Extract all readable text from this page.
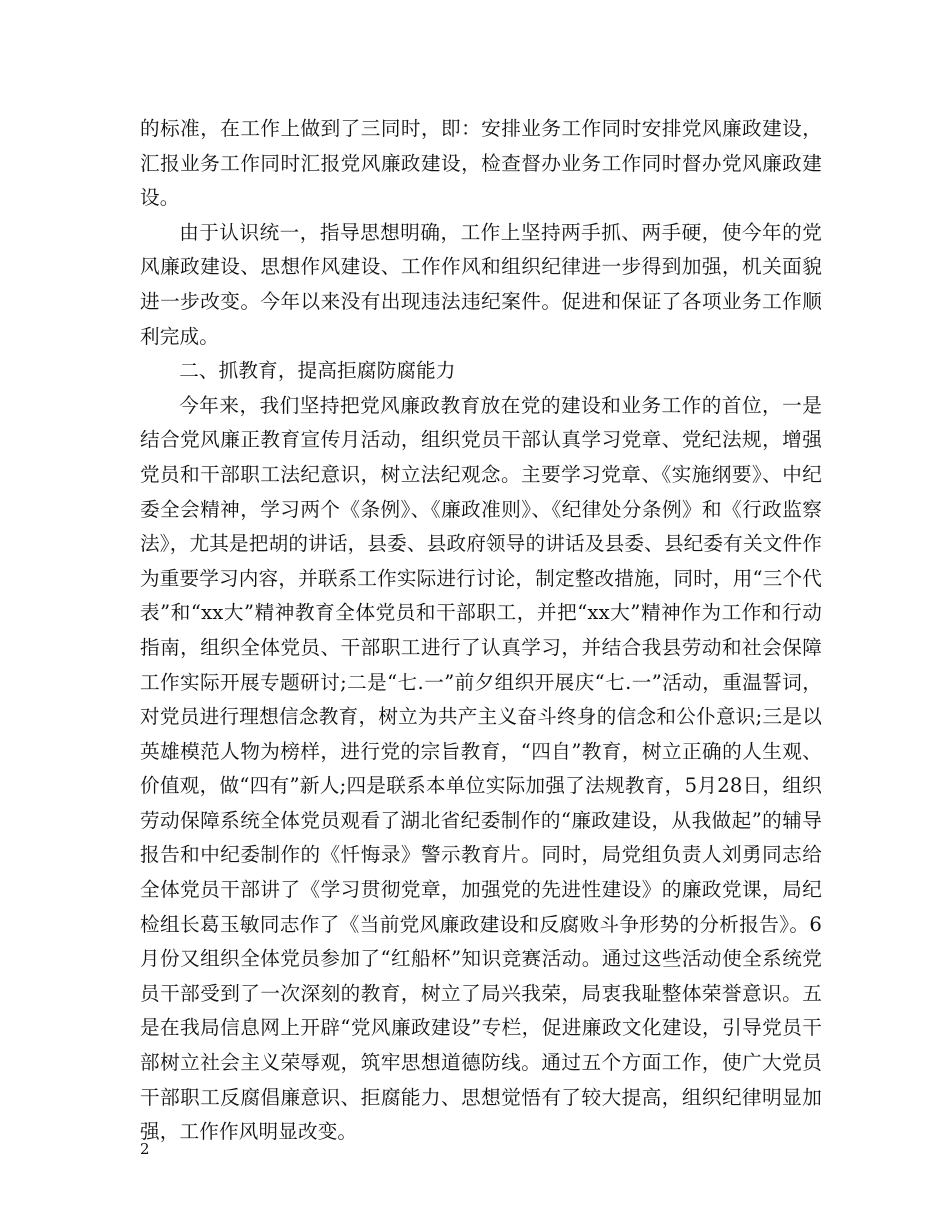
的标准，在工作上做到了三同时，即：安排业务工作同时安排党风廉政建设，汇报业务工作同时汇报党风廉政建设，检查督办业务工作同时督办党风廉政建设。

由于认识统一，指导思想明确，工作上坚持两手抓、两手硬，使今年的党风廉政建设、思想作风建设、工作作风和组织纪律进一步得到加强，机关面貌进一步改变。今年以来没有出现违法违纪案件。促进和保证了各项业务工作顺利完成。

二、抓教育，提高拒腐防腐能力

今年来，我们坚持把党风廉政教育放在党的建设和业务工作的首位，一是结合党风廉正教育宣传月活动，组织党员干部认真学习党章、党纪法规，增强党员和干部职工法纪意识，树立法纪观念。主要学习党章、《实施纲要》、中纪委全会精神，学习两个《条例》、《廉政准则》、《纪律处分条例》和《行政监察法》，尤其是把胡的讲话，县委、县政府领导的讲话及县委、县纪委有关文件作为重要学习内容，并联系工作实际进行讨论，制定整改措施，同时，用“三个代表”和“xx大”精神教育全体党员和干部职工，并把“xx大”精神作为工作和行动指南，组织全体党员、干部职工进行了认真学习，并结合我县劳动和社会保障工作实际开展专题研讨;二是“七.一”前夕组织开展庆“七.一”活动，重温誓词，对党员进行理想信念教育，树立为共产主义奋斗终身的信念和公仆意识;三是以英雄模范人物为榜样，进行党的宗旨教育，“四自”教育，树立正确的人生观、价值观，做“四有”新人;四是联系本单位实际加强了法规教育，5月28日，组织劳动保障系统全体党员观看了湖北省纪委制作的“廉政建设，从我做起”的辅导报告和中纪委制作的《忏悔录》警示教育片。同时，局党组负责人刘勇同志给全体党员干部讲了《学习贯彻党章，加强党的先进性建设》的廉政党课，局纪检组长葛玉敏同志作了《当前党风廉政建设和反腐败斗争形势的分析报告》。6月份又组织全体党员参加了“红船杯”知识竞赛活动。通过这些活动使全系统党员干部受到了一次深刻的教育，树立了局兴我荣，局衷我耻整体荣誉意识。五是在我局信息网上开辟“党风廉政建设”专栏，促进廉政文化建设，引导党员干部树立社会主义荣辱观，筑牢思想道德防线。通过五个方面工作，使广大党员干部职工反腐倡廉意识、拒腐能力、思想觉悟有了较大提高，组织纪律明显加强，工作作风明显改变。

2
